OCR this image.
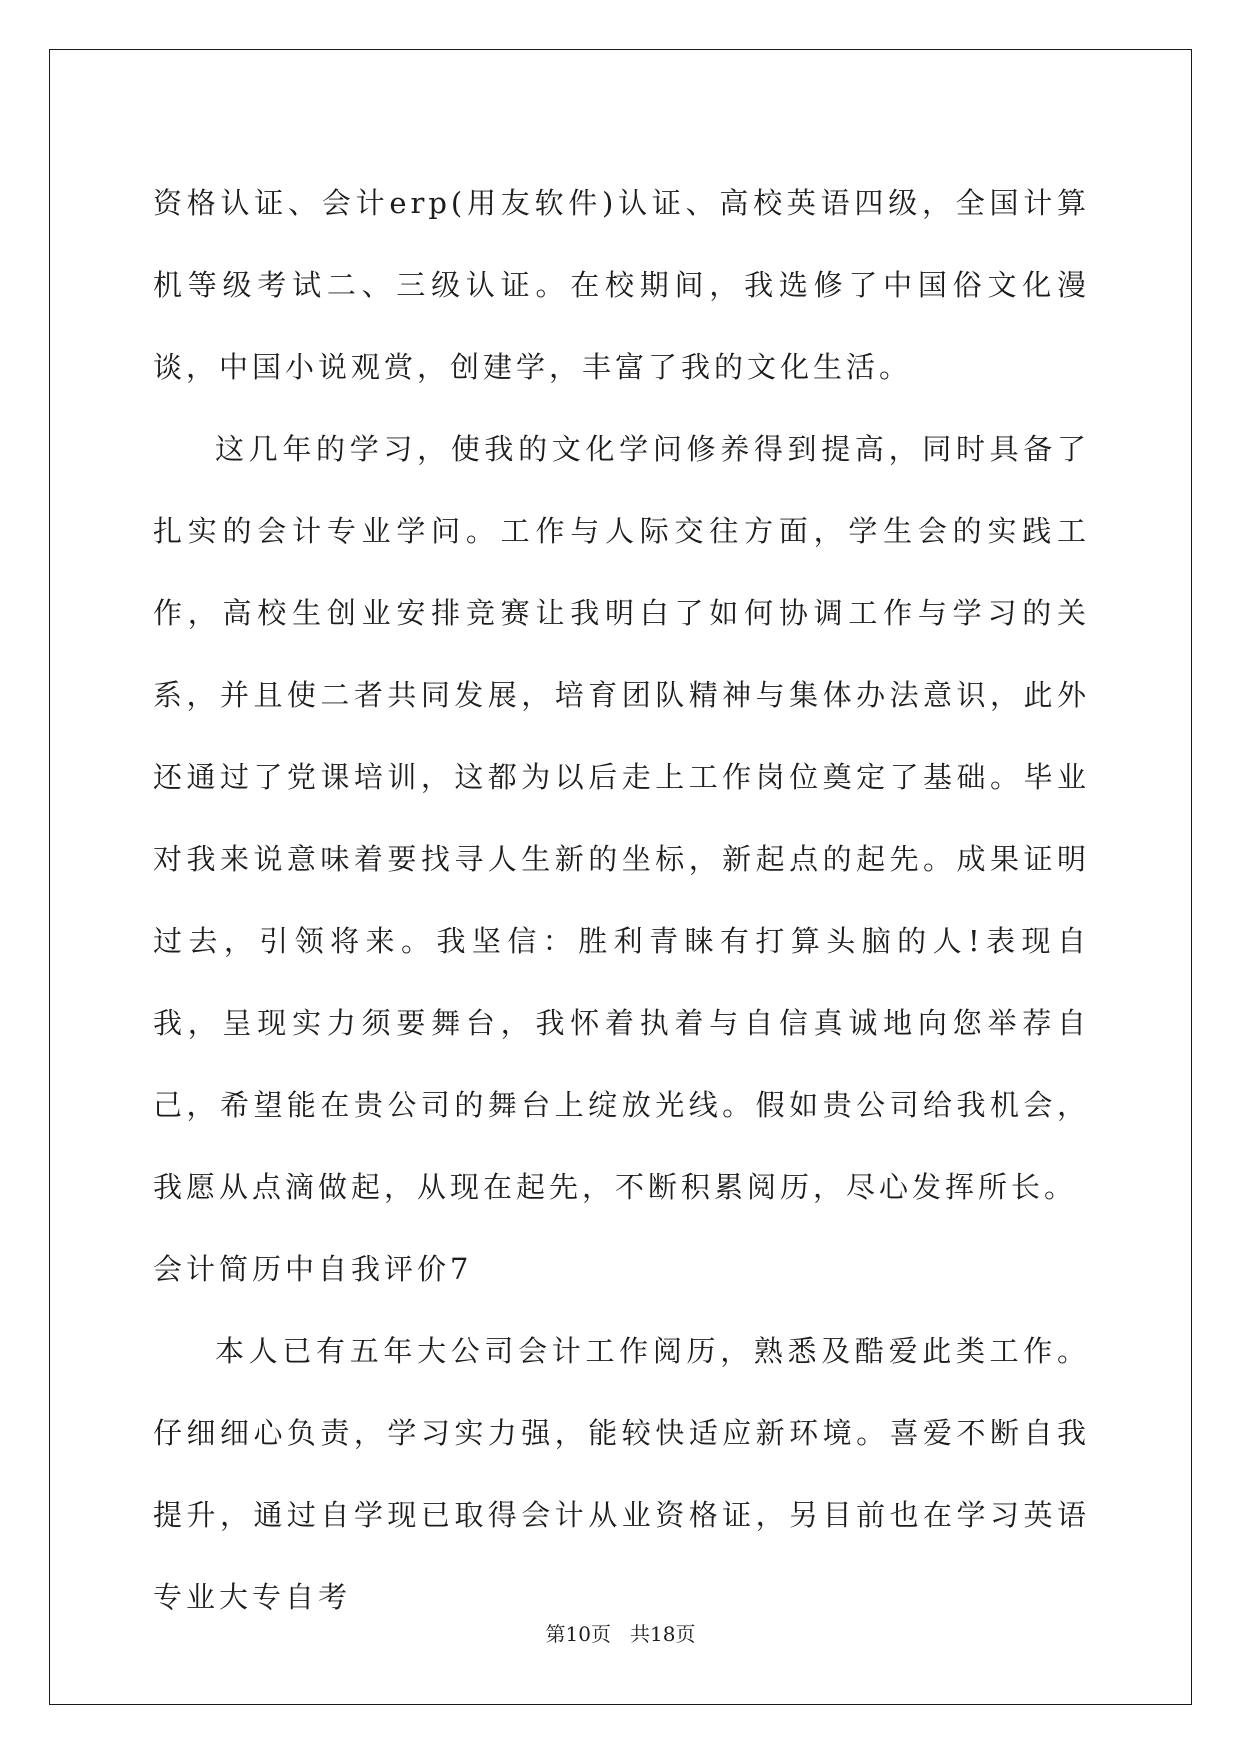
资格认证、会计erp(用友软件)认证、高校英语四级，全国计算机等级考试二、三级认证。在校期间，我选修了中国俗文化漫谈，中国小说观赏，创建学，丰富了我的文化生活。

这几年的学习，使我的文化学问修养得到提高，同时具备了扎实的会计专业学问。工作与人际交往方面，学生会的实践工作，高校生创业安排竞赛让我明白了如何协调工作与学习的关系，并且使二者共同发展，培育团队精神与集体办法意识，此外还通过了党课培训，这都为以后走上工作岗位奠定了基础。毕业对我来说意味着要找寻人生新的坐标，新起点的起先。成果证明过去，引领将来。我坚信：胜利青睐有打算头脑的人!表现自我，呈现实力须要舞台，我怀着执着与自信真诚地向您举荐自己，希望能在贵公司的舞台上绽放光线。假如贵公司给我机会，我愿从点滴做起，从现在起先，不断积累阅历，尽心发挥所长。

会计简历中自我评价7

本人已有五年大公司会计工作阅历，熟悉及酷爱此类工作。仔细细心负责，学习实力强，能较快适应新环境。喜爱不断自我提升，通过自学现已取得会计从业资格证，另目前也在学习英语专业大专自考

第10页 共18页
